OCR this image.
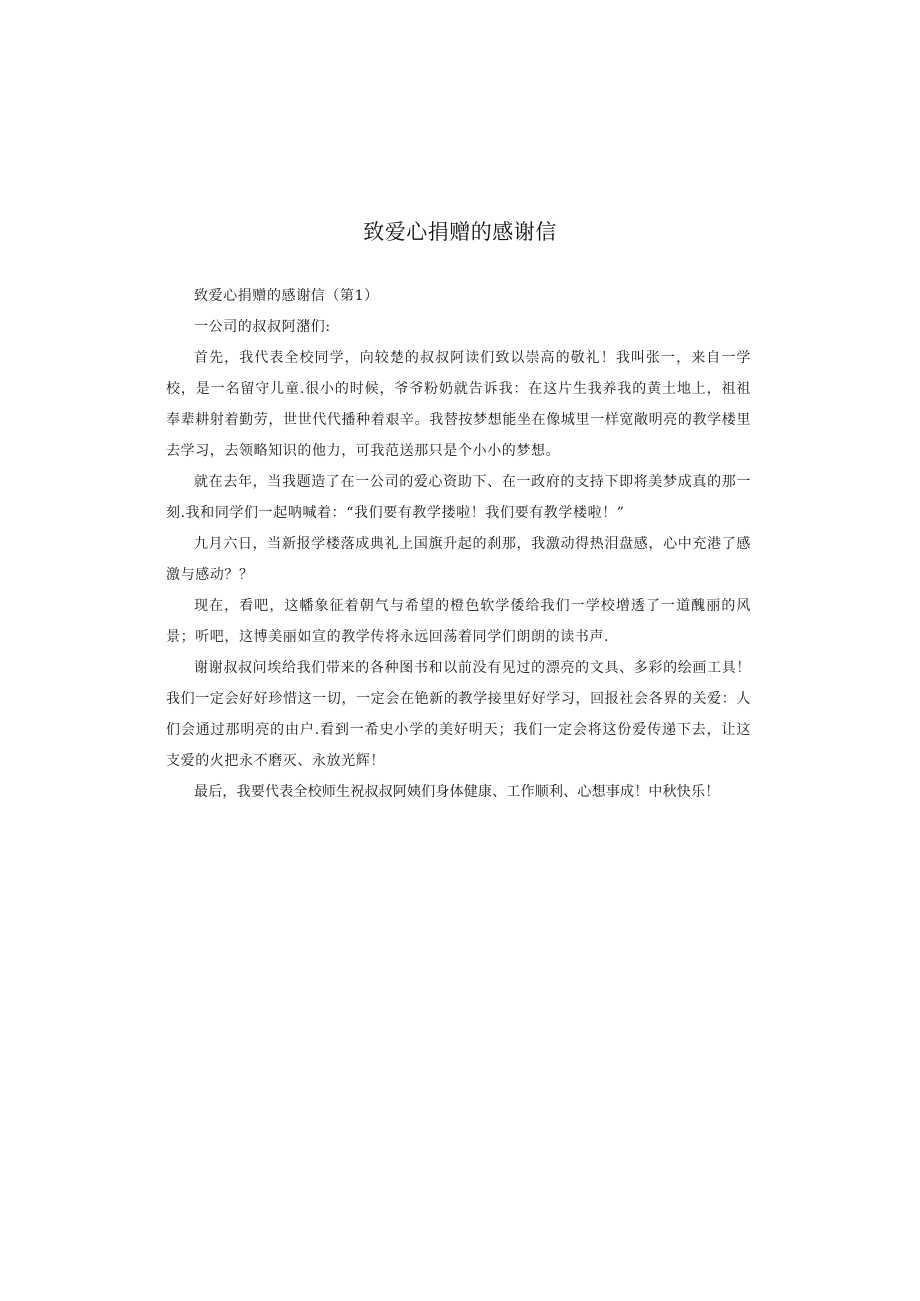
致爱心捐赠的感谢信

致爱心捐赠的感谢信（第1）

一公司的叔叔阿潴们:

首先，我代表全校同学，向较楚的叔叔阿读们致以崇高的敬礼！我叫张一，来自一学校，是一名留守儿童.很小的时候，爷爷粉奶就告诉我：在这片生我养我的黄土地上，祖祖奉辈耕射着勤劳，世世代代播种着艰辛。我替按梦想能坐在像城里一样宽敞明亮的教学楼里去学习，去领略知识的他力，可我范送那只是个小小的梦想。

就在去年，当我题造了在一公司的爱心资助下、在一政府的支持下即将美梦成真的那一刻.我和同学们一起呐喊着：“我们要有教学搂啦！我们要有教学楼啦！”

九月六日，当新报学楼落成典礼上国旗升起的刹那，我激动得热泪盘感，心中充港了感激与感动？？

现在，看吧，这幡象征着朝气与希望的橙色软学倭给我们一学校增透了一道醜丽的风景；听吧，这博美丽如宣的教学传将永远回荡着同学们朗朗的读书声.

谢谢叔叔问埃给我们带来的各种图书和以前没有见过的漂亮的文具、多彩的绘画工具！我们一定会好好珍惜这一切，一定会在铯新的教学接里好好学习，回报社会各界的关爱：人们会通过那明亮的由户.看到一希史小学的美好明天；我们一定会将这份爱传递下去，让这支爱的火把永不磨灭、永放光辉！

最后，我要代表全校师生祝叔叔阿姨们身体健康、工作顺利、心想事成！中秋快乐！
